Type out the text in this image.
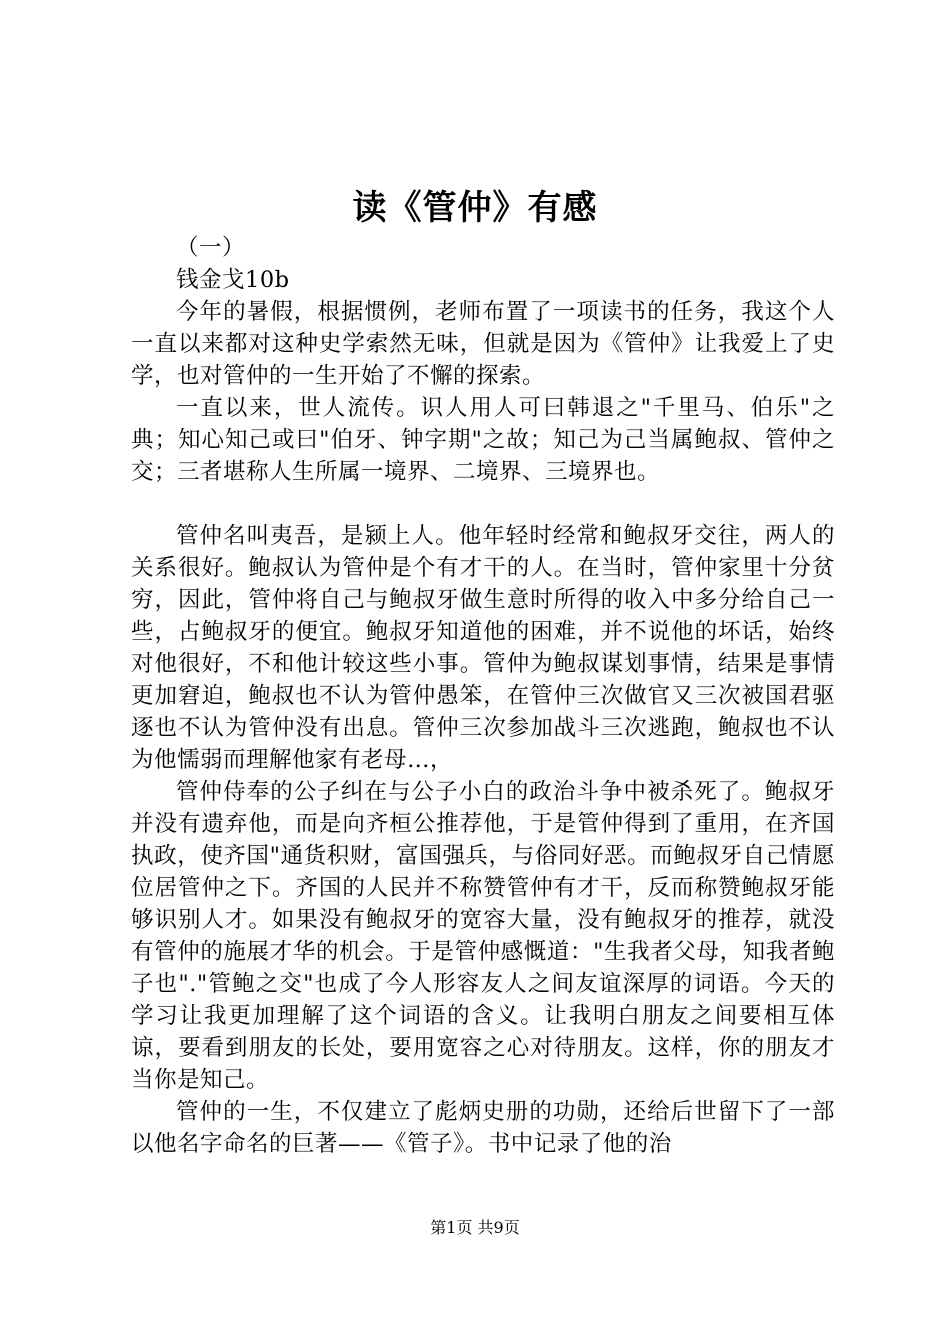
读《管仲》有感

（一）

钱金戈10b

今年的暑假，根据惯例，老师布置了一项读书的任务，我这个人一直以来都对这种史学索然无味，但就是因为《管仲》让我爱上了史学，也对管仲的一生开始了不懈的探索。

一直以来，世人流传。识人用人可曰韩退之"千里马、伯乐"之典；知心知己或曰"伯牙、钟字期"之故；知己为己当属鲍叔、管仲之交；三者堪称人生所属一境界、二境界、三境界也。

管仲名叫夷吾，是颍上人。他年轻时经常和鲍叔牙交往，两人的关系很好。鲍叔认为管仲是个有才干的人。在当时，管仲家里十分贫穷，因此，管仲将自己与鲍叔牙做生意时所得的收入中多分给自己一些，占鲍叔牙的便宜。鲍叔牙知道他的困难，并不说他的坏话，始终对他很好，不和他计较这些小事。管仲为鲍叔谋划事情，结果是事情更加窘迫，鲍叔也不认为管仲愚笨，在管仲三次做官又三次被国君驱逐也不认为管仲没有出息。管仲三次参加战斗三次逃跑，鲍叔也不认为他懦弱而理解他家有老母…，

管仲侍奉的公子纠在与公子小白的政治斗争中被杀死了。鲍叔牙并没有遗弃他，而是向齐桓公推荐他，于是管仲得到了重用，在齐国执政，使齐国"通货积财，富国强兵，与俗同好恶。而鲍叔牙自己情愿位居管仲之下。齐国的人民并不称赞管仲有才干，反而称赞鲍叔牙能够识别人才。如果没有鲍叔牙的宽容大量，没有鲍叔牙的推荐，就没有管仲的施展才华的机会。于是管仲感慨道："生我者父母，知我者鲍子也"."管鲍之交"也成了今人形容友人之间友谊深厚的词语。今天的学习让我更加理解了这个词语的含义。让我明白朋友之间要相互体谅，要看到朋友的长处，要用宽容之心对待朋友。这样，你的朋友才当你是知己。

管仲的一生，不仅建立了彪炳史册的功勋，还给后世留下了一部以他名字命名的巨著——《管子》。书中记录了他的治

第1页 共9页
